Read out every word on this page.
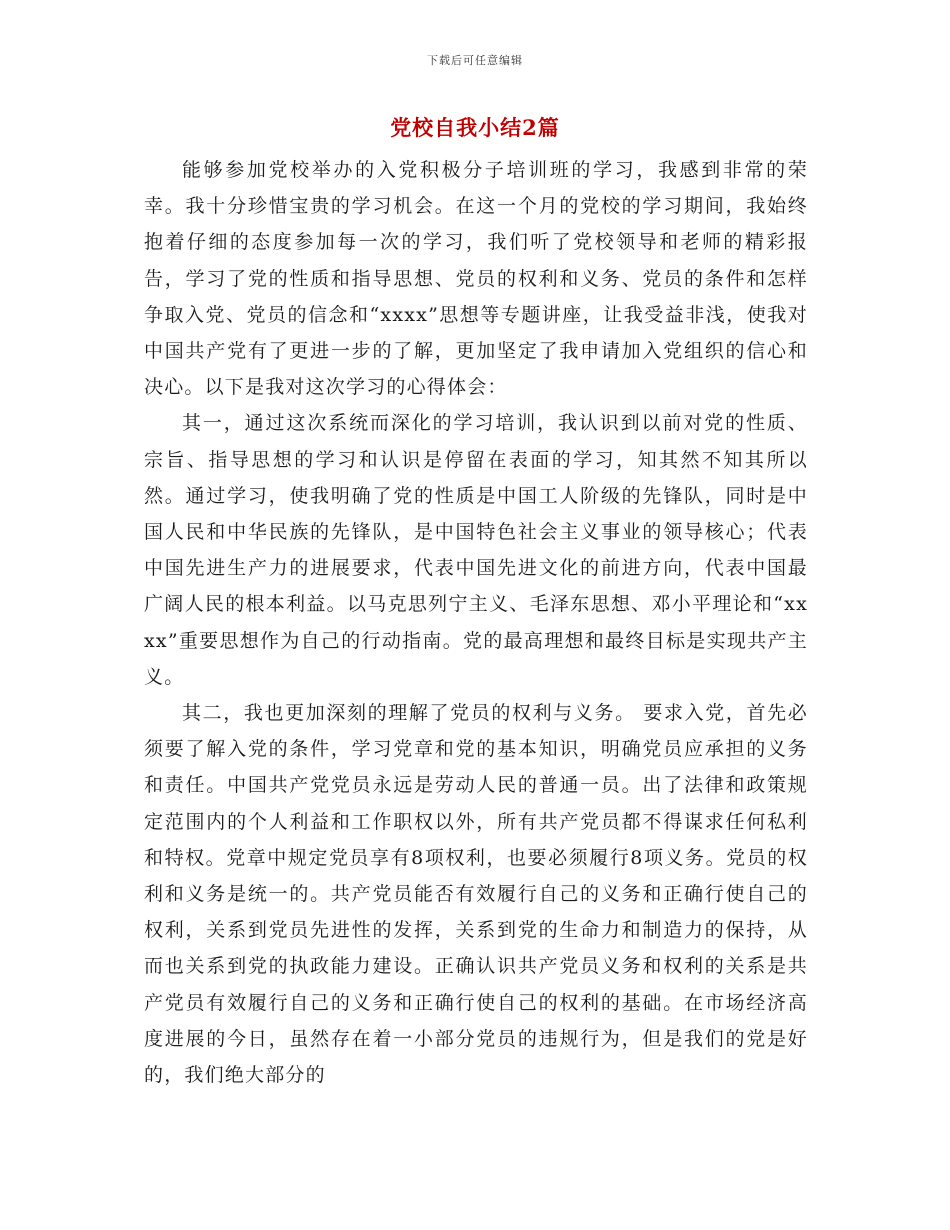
下载后可任意编辑
党校自我小结2篇

能够参加党校举办的入党积极分子培训班的学习，我感到非常的荣幸。我十分珍惜宝贵的学习机会。在这一个月的党校的学习期间，我始终抱着仔细的态度参加每一次的学习，我们听了党校领导和老师的精彩报告，学习了党的性质和指导思想、党员的权利和义务、党员的条件和怎样争取入党、党员的信念和“xxxx”思想等专题讲座，让我受益非浅，使我对中国共产党有了更进一步的了解，更加坚定了我申请加入党组织的信心和决心。以下是我对这次学习的心得体会：

其一，通过这次系统而深化的学习培训，我认识到以前对党的性质、宗旨、指导思想的学习和认识是停留在表面的学习，知其然不知其所以然。通过学习，使我明确了党的性质是中国工人阶级的先锋队，同时是中国人民和中华民族的先锋队，是中国特色社会主义事业的领导核心；代表中国先进生产力的进展要求，代表中国先进文化的前进方向，代表中国最广阔人民的根本利益。以马克思列宁主义、毛泽东思想、邓小平理论和“xxxx”重要思想作为自己的行动指南。党的最高理想和最终目标是实现共产主义。

其二，我也更加深刻的理解了党员的权利与义务。 要求入党，首先必须要了解入党的条件，学习党章和党的基本知识，明确党员应承担的义务和责任。中国共产党党员永远是劳动人民的普通一员。出了法律和政策规定范围内的个人利益和工作职权以外，所有共产党员都不得谋求任何私利和特权。党章中规定党员享有8项权利，也要必须履行8项义务。党员的权利和义务是统一的。共产党员能否有效履行自己的义务和正确行使自己的权利，关系到党员先进性的发挥，关系到党的生命力和制造力的保持，从而也关系到党的执政能力建设。正确认识共产党员义务和权利的关系是共产党员有效履行自己的义务和正确行使自己的权利的基础。在市场经济高度进展的今日，虽然存在着一小部分党员的违规行为，但是我们的党是好的，我们绝大部分的
